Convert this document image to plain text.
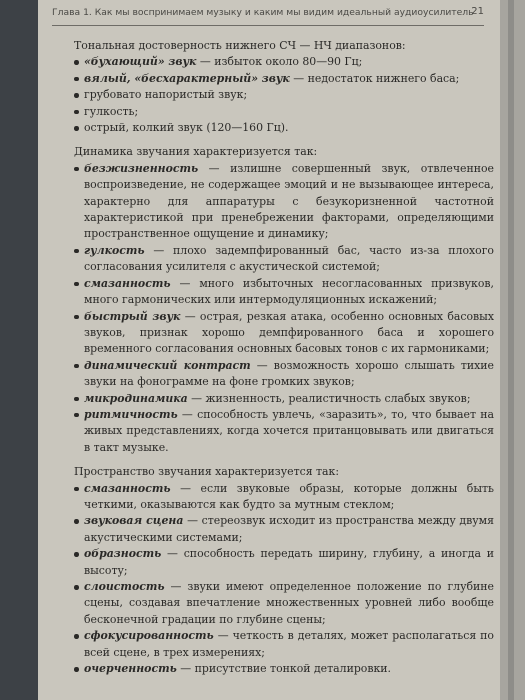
Глава 1. Как мы воспринимаем музыку и каким мы видим идеальный аудиоусилитель
21

Тональная достоверность нижнего СЧ — НЧ диапазонов:

«бухающий» звук — избыток около 80—90 Гц;
вялый, «бесхарактерный» звук — недостаток нижнего баса;
грубовато напористый звук;
гулкость;
острый, колкий звук (120—160 Гц).

Динамика звучания характеризуется так:

безжизненность — излишне совершенный звук, отвлеченное воспроизведение, не содержащее эмоций и не вызывающее интереса, характерно для аппаратуры с безукоризненной частотной характеристикой при пренебрежении факторами, определяющими пространственное ощущение и динамику;
гулкость — плохо задемпфированный бас, часто из-за плохого согласования усилителя с акустической системой;
смазанность — много избыточных несогласованных призвуков, много гармонических или интермодуляционных искажений;
быстрый звук — острая, резкая атака, особенно основных басовых звуков, признак хорошо демпфированного баса и хорошего временного согласования основных басовых тонов с их гармониками;
динамический контраст — возможность хорошо слышать тихие звуки на фонограмме на фоне громких звуков;
микродинамика — жизненность, реалистичность слабых звуков;
ритмичность — способность увлечь, «заразить», то, что бывает на живых представлениях, когда хочется пританцовывать или двигаться в такт музыке.

Пространство звучания характеризуется так:

смазанность — если звуковые образы, которые должны быть четкими, оказываются как будто за мутным стеклом;
звуковая сцена — стереозвук исходит из пространства между двумя акустическими системами;
образность — способность передать ширину, глубину, а иногда и высоту;
слоистость — звуки имеют определенное положение по глубине сцены, создавая впечатление множественных уровней либо вообще бесконечной градации по глубине сцены;
сфокусированность — четкость в деталях, может располагаться по всей сцене, в трех измерениях;
очерченность — присутствие тонкой деталировки.
